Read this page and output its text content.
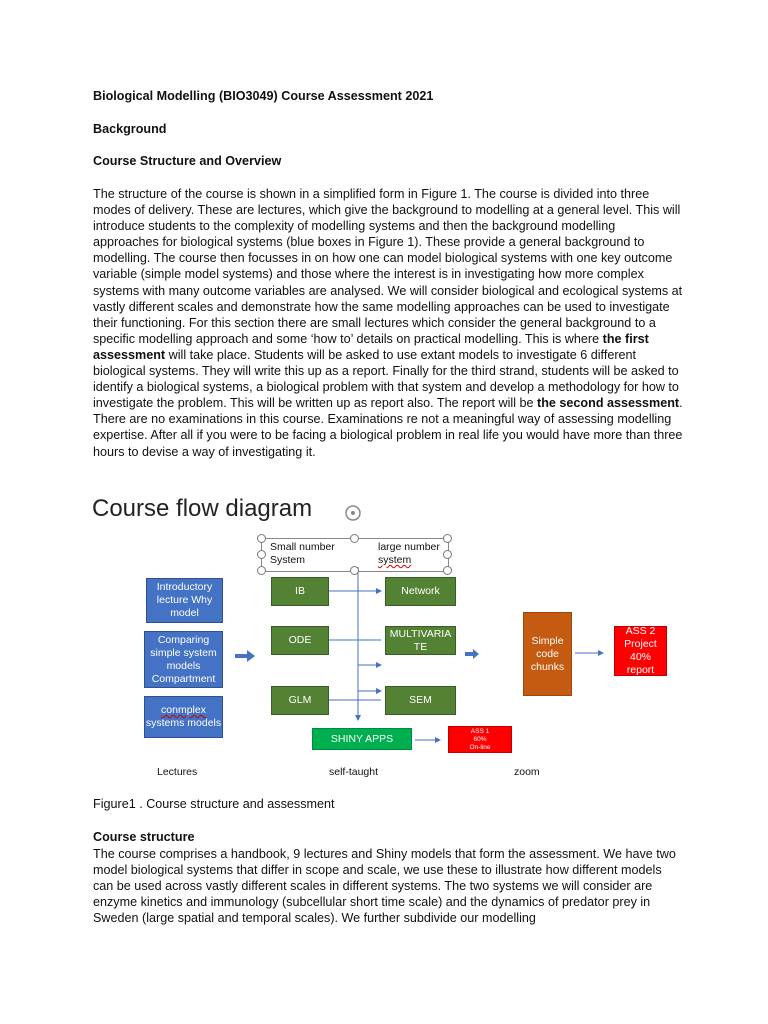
Biological Modelling (BIO3049) Course Assessment 2021
Background
Course Structure and Overview
The structure of the course is shown in a simplified form in Figure 1. The course is divided into three modes of delivery. These are lectures, which give the background to modelling at a general level. This will introduce students to the complexity of modelling systems and then the background modelling approaches for biological systems (blue boxes in Figure 1). These provide a general background to modelling. The course then focusses in on how one can model biological systems with one key outcome variable (simple model systems) and those where the interest is in investigating how more complex systems with many outcome variables are analysed. We will consider biological and ecological systems at vastly different scales and demonstrate how the same modelling approaches can be used to investigate their functioning. For this section there are small lectures which consider the general background to a specific modelling approach and some ‘how to’ details on practical modelling. This is where the first assessment will take place. Students will be asked to use extant models to investigate 6 different biological systems. They will write this up as a report. Finally for the third strand, students will be asked to identify a biological systems, a biological problem with that system and develop a methodology for how to investigate the problem. This will be written up as report also. The report will be the second assessment. There are no examinations in this course. Examinations re not a meaningful way of assessing modelling expertise. After all if you were to be facing a biological problem in real life you would have more than three hours to devise a way of investigating it.
Course flow diagram
Small number
System
large number
system
Introductory lecture Why model
Comparing simple system models Compartment
conmplex
systems models
IB	Network
ODE
MULTIVARIA TE
GLM	SEM
SHINY APPS
ASS 1
60%
On-line
Simple code chunks
ASS 2 Project 40% report
Lectures	self-taught	zoom
Figure1 . Course structure and assessment
Course structure
The course comprises a handbook, 9 lectures and Shiny models that form the assessment. We have two model biological systems that differ in scope and scale, we use these to illustrate how different models can be used across vastly different scales in different systems. The two systems we will consider are enzyme kinetics and immunology (subcellular short time scale) and the dynamics of predator prey in Sweden (large spatial and temporal scales). We further subdivide our modelling
